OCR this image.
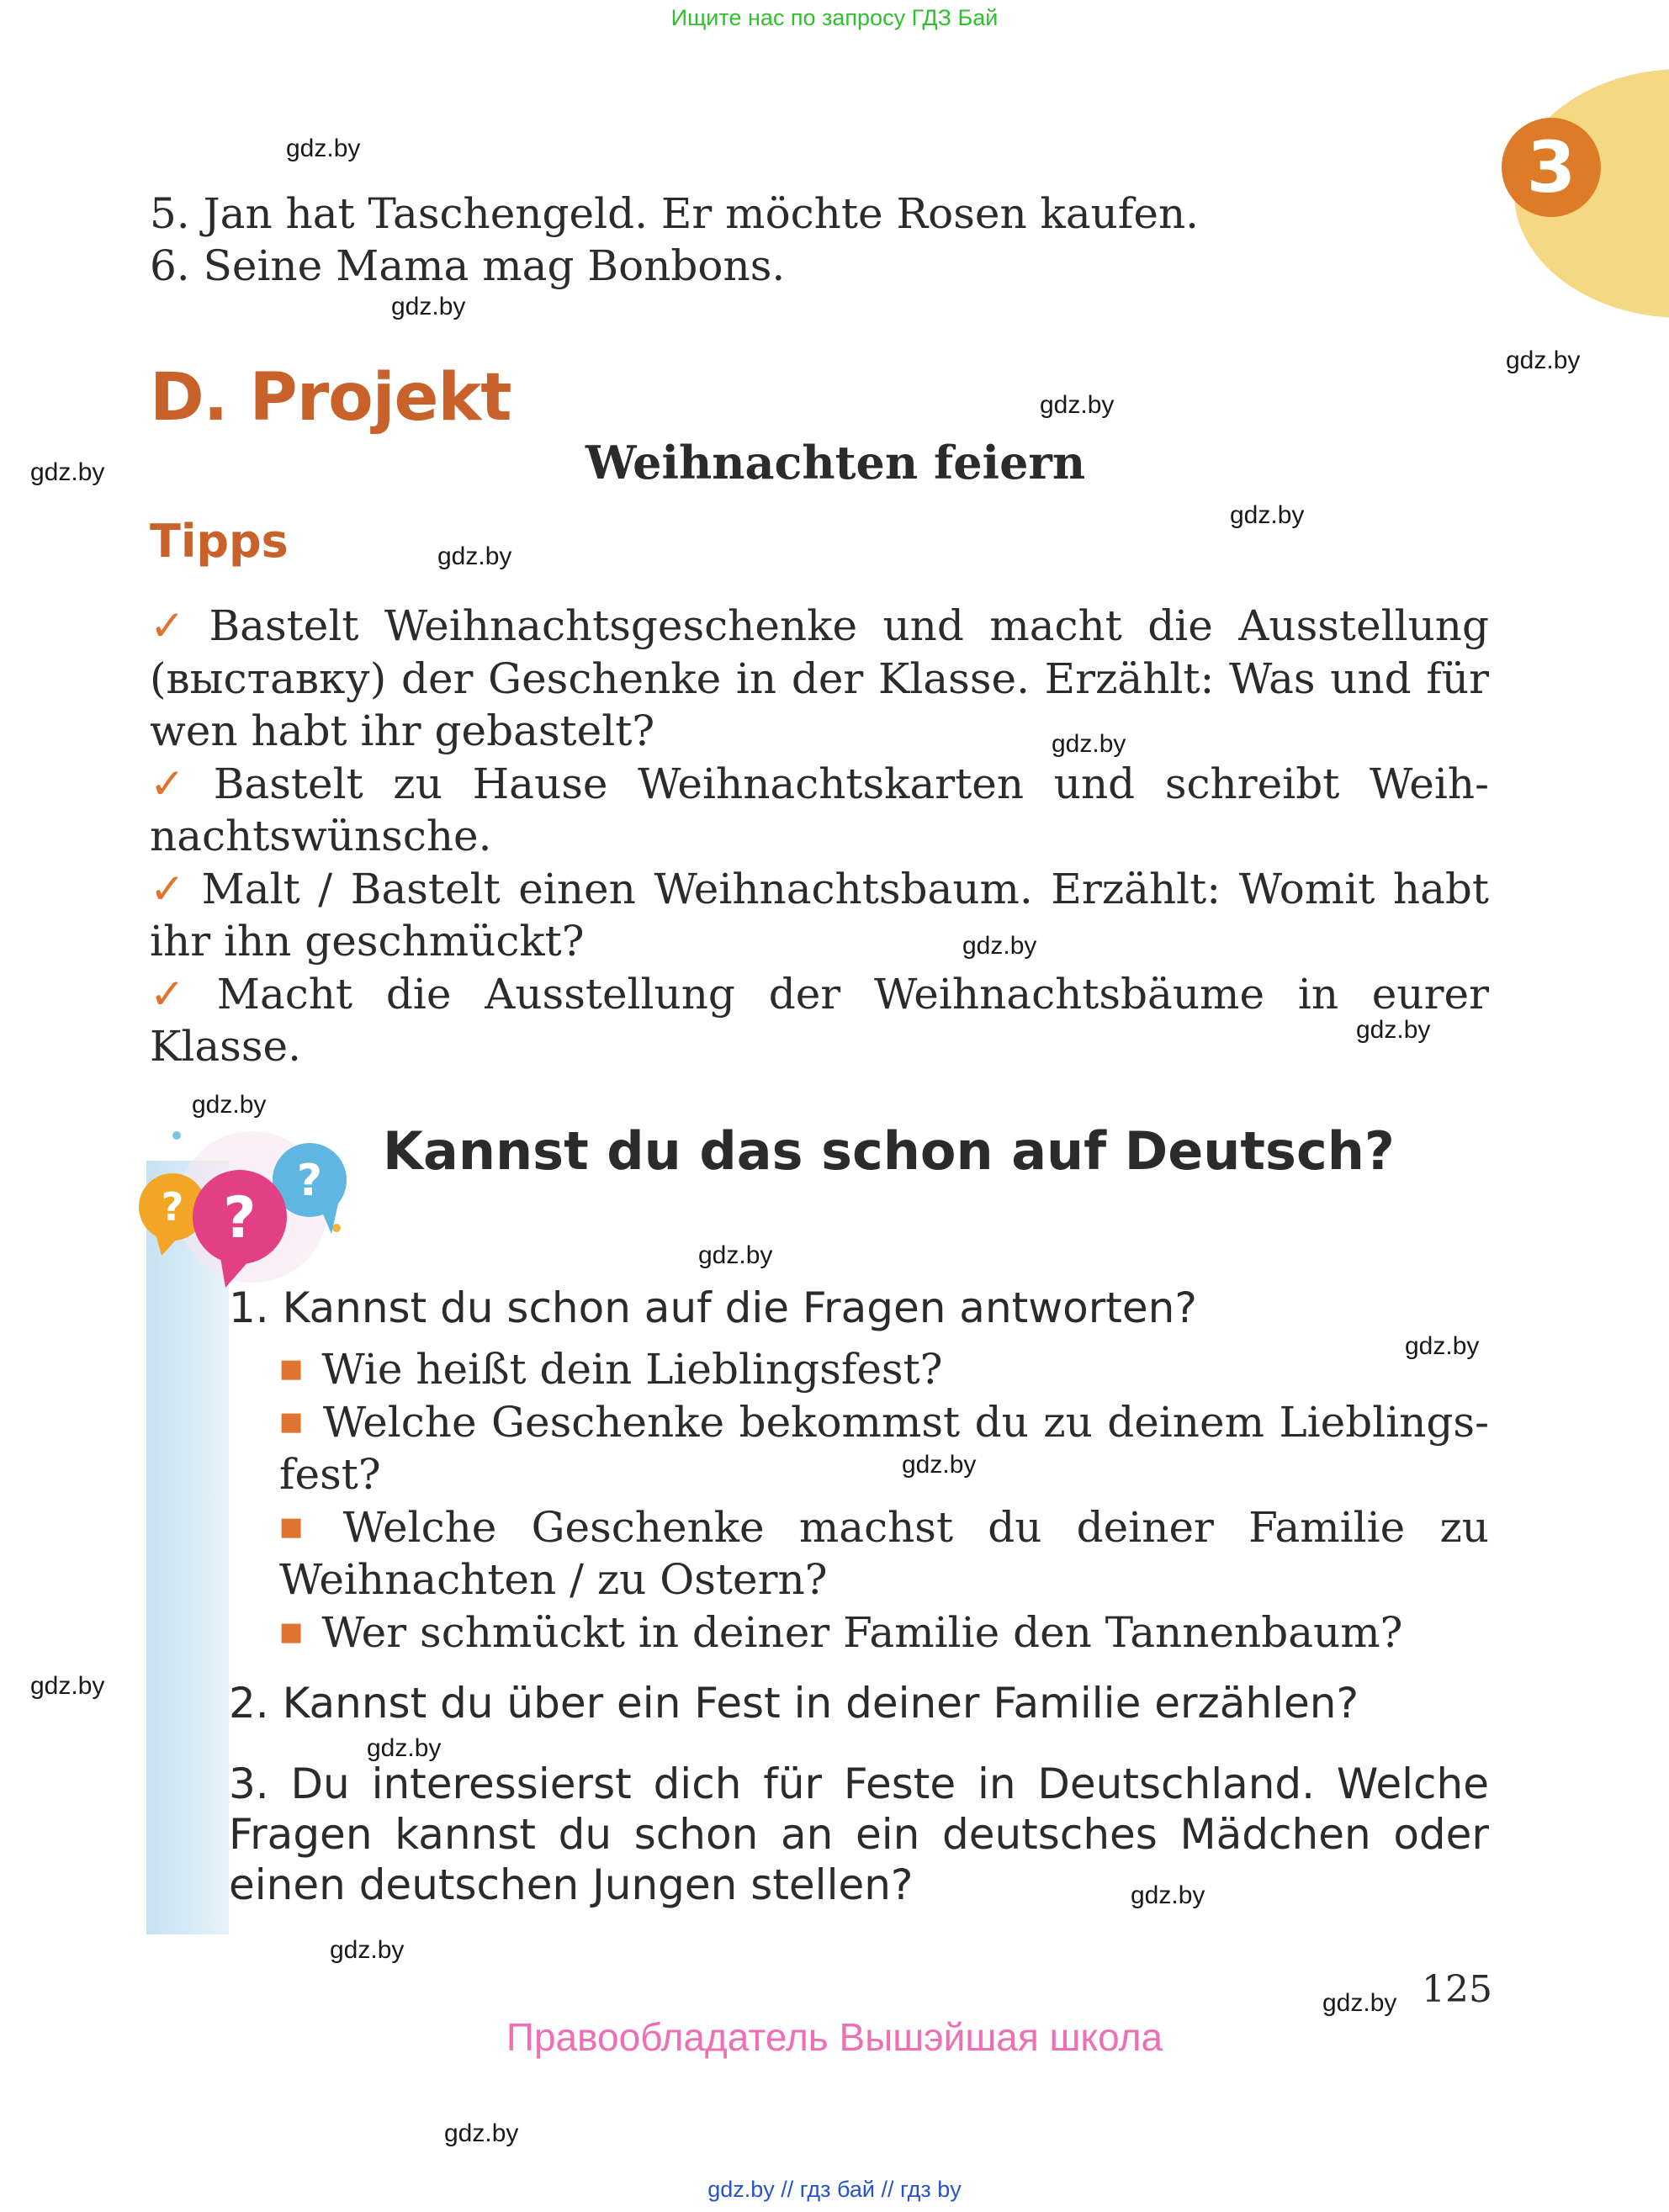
Ищите нас по запросу ГДЗ Бай
3
5. Jan hat Taschengeld. Er möchte Rosen kaufen.
6. Seine Mama mag Bonbons.
D. Projekt
Weihnachten feiern
Tipps

✓ Bastelt Weihnachtsgeschenke und macht die Ausstellung (выставку) der Geschenke in der Klasse. Erzählt: Was und für wen habt ihr gebastelt?

✓ Bastelt zu Hause Weihnachtskarten und schreibt Weihnachtswünsche.

✓ Malt / Bastelt einen Weihnachtsbaum. Erzählt: Womit habt ihr ihn geschmückt?

✓ Macht die Ausstellung der Weihnachtsbäume in eurer Klasse.

?
?
?
Kannst du das schon auf Deutsch?
1. Kannst du schon auf die Fragen antworten?

■ Wie heißt dein Lieblingsfest?

■ Welche Geschenke bekommst du zu deinem Lieblingsfest?

■ Welche Geschenke machst du deiner Familie zu Weihnachten / zu Ostern?

■ Wer schmückt in deiner Familie den Tannenbaum?

2. Kannst du über ein Fest in deiner Familie erzählen?
3. Du interessierst dich für Feste in Deutschland. Welche Fragen kannst du schon an ein deutsches Mädchen oder einen deutschen Jungen stellen?
125
Правообладатель Вышэйшая школа
gdz.by // гдз бай // гдз by
gdz.by
gdz.by
gdz.by
gdz.by
gdz.by
gdz.by
gdz.by
gdz.by
gdz.by
gdz.by
gdz.by
gdz.by
gdz.by
gdz.by
gdz.by
gdz.by
gdz.by
gdz.by
gdz.by
gdz.by
